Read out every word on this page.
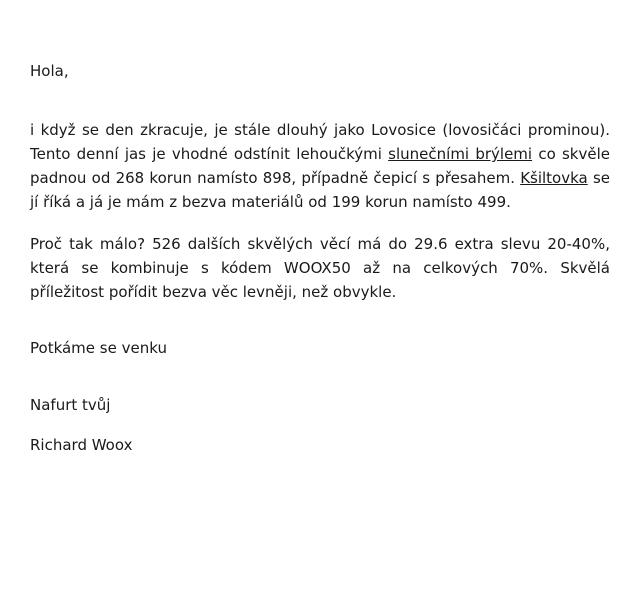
Hola,

i když se den zkracuje, je stále dlouhý jako Lovosice (lovosičáci prominou). Tento denní jas je vhodné odstínit lehoučkými slunečními brýlemi co skvěle padnou od 268 korun namísto 898, případně čepicí s přesahem. Kšiltovka se jí říká a já je mám z bezva materiálů od 199 korun namísto 499.

Proč tak málo? 526 dalších skvělých věcí má do 29.6 extra slevu 20-40%, která se kombinuje s kódem WOOX50 až na celkových 70%. Skvělá příležitost pořídit bezva věc levněji, než obvykle.

Potkáme se venku

Nafurt tvůj

Richard Woox
